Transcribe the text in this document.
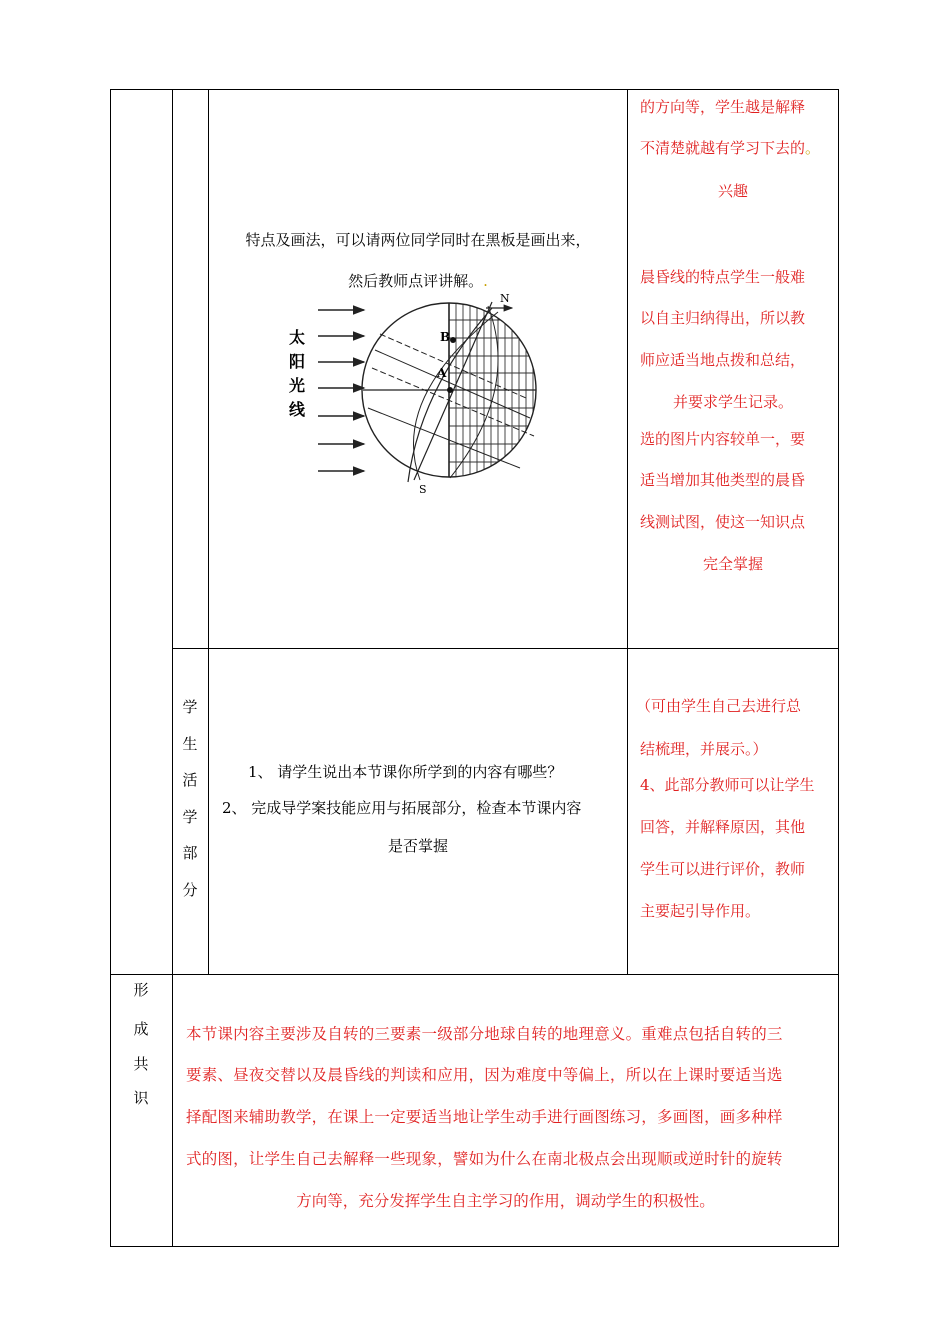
特点及画法，可以请两位同学同时在黑板是画出来，
然后教师点评讲解。.
太
阳
光
线
B
A
N
S
的方向等，学生越是解释
不清楚就越有学习下去的。
兴趣
晨昏线的特点学生一般难
以自主归纳得出，所以教
师应适当地点拨和总结，
并要求学生记录。
选的图片内容较单一，要
适当增加其他类型的晨昏
线测试图，使这一知识点
完全掌握
学
生
活
学
部
分
1、 请学生说出本节课你所学到的内容有哪些？
2、 完成导学案技能应用与拓展部分，检查本节课内容
是否掌握
（可由学生自己去进行总
结梳理，并展示。）
4、此部分教师可以让学生
回答，并解释原因，其他
学生可以进行评价，教师
主要起引导作用。
形
成
共
识
本节课内容主要涉及自转的三要素一级部分地球自转的地理意义。重难点包括自转的三
要素、昼夜交替以及晨昏线的判读和应用，因为难度中等偏上，所以在上课时要适当选
择配图来辅助教学，在课上一定要适当地让学生动手进行画图练习，多画图，画多种样
式的图，让学生自己去解释一些现象，譬如为什么在南北极点会出现顺或逆时针的旋转
方向等，充分发挥学生自主学习的作用，调动学生的积极性。
